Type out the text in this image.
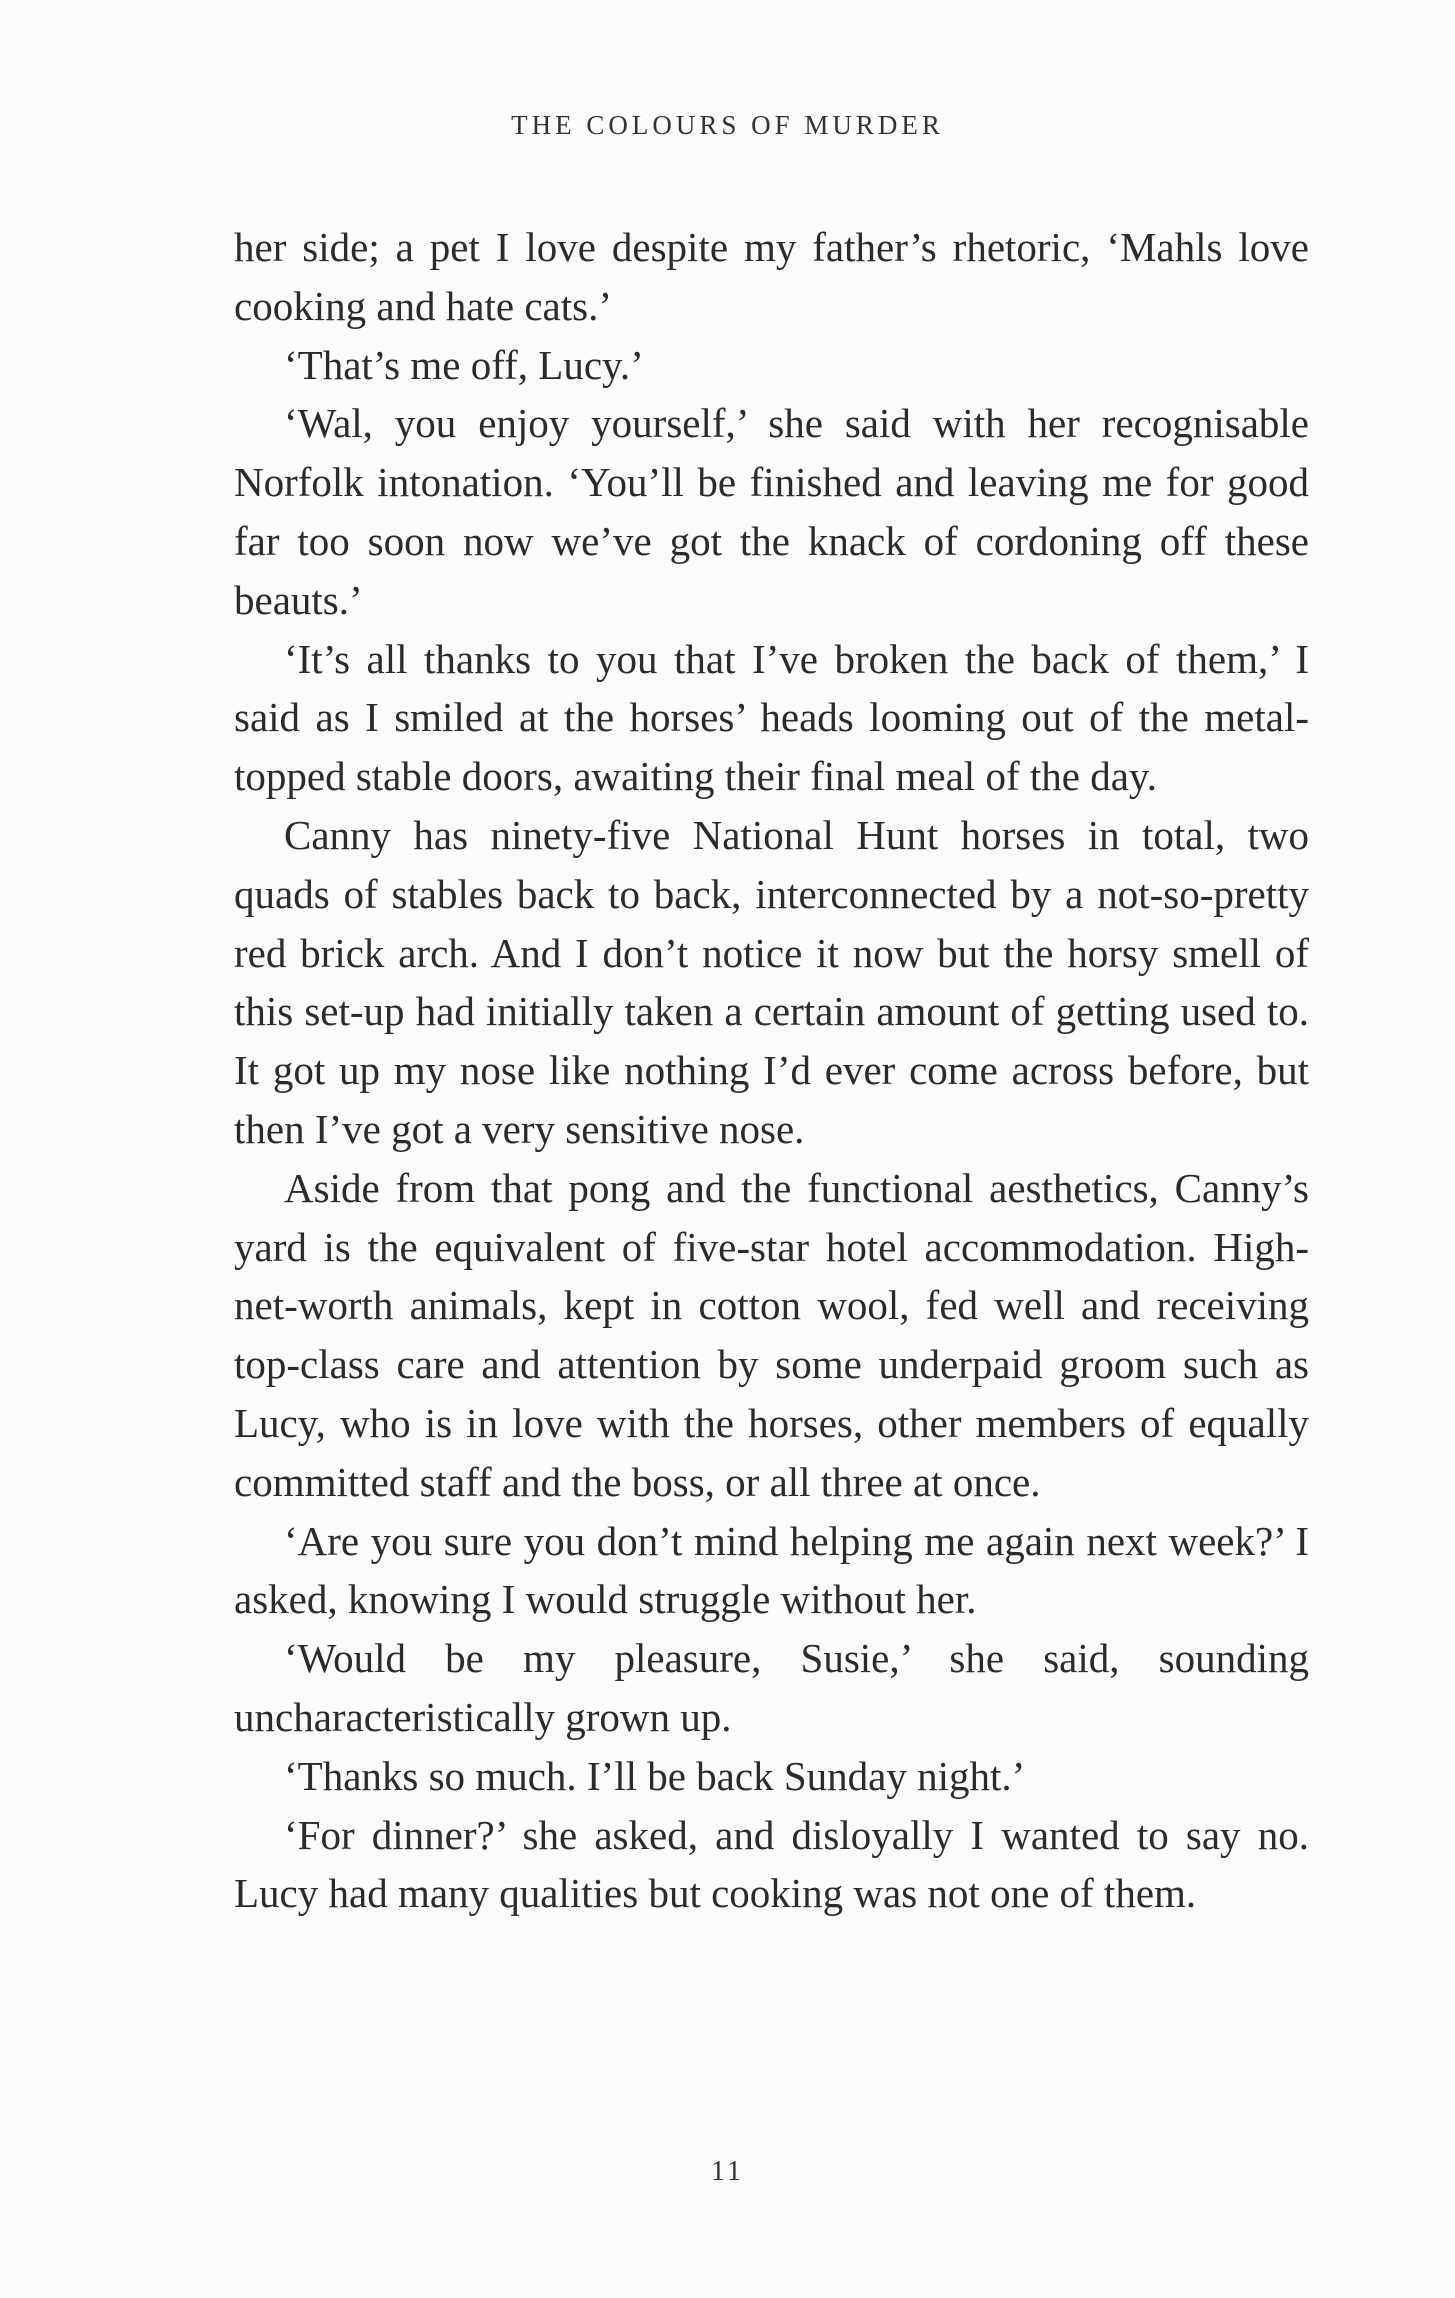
THE COLOURS OF MURDER

her side; a pet I love despite my father’s rhetoric, ‘Mahls love cooking and hate cats.’

‘That’s me off, Lucy.’

‘Wal, you enjoy yourself,’ she said with her recognisable Norfolk intonation. ‘You’ll be finished and leaving me for good far too soon now we’ve got the knack of cordoning off these beauts.’

‘It’s all thanks to you that I’ve broken the back of them,’ I said as I smiled at the horses’ heads looming out of the metal-topped stable doors, awaiting their final meal of the day.

Canny has ninety-five National Hunt horses in total, two quads of stables back to back, interconnected by a not-so-pretty red brick arch. And I don’t notice it now but the horsy smell of this set-up had initially taken a certain amount of getting used to. It got up my nose like nothing I’d ever come across before, but then I’ve got a very sensitive nose.

Aside from that pong and the functional aesthetics, Canny’s yard is the equivalent of five-star hotel accommodation. High-net-worth animals, kept in cotton wool, fed well and receiving top-class care and attention by some underpaid groom such as Lucy, who is in love with the horses, other members of equally committed staff and the boss, or all three at once.

‘Are you sure you don’t mind helping me again next week?’ I asked, knowing I would struggle without her.

‘Would be my pleasure, Susie,’ she said, sounding uncharacteristically grown up.

‘Thanks so much. I’ll be back Sunday night.’

‘For dinner?’ she asked, and disloyally I wanted to say no. Lucy had many qualities but cooking was not one of them.

11
